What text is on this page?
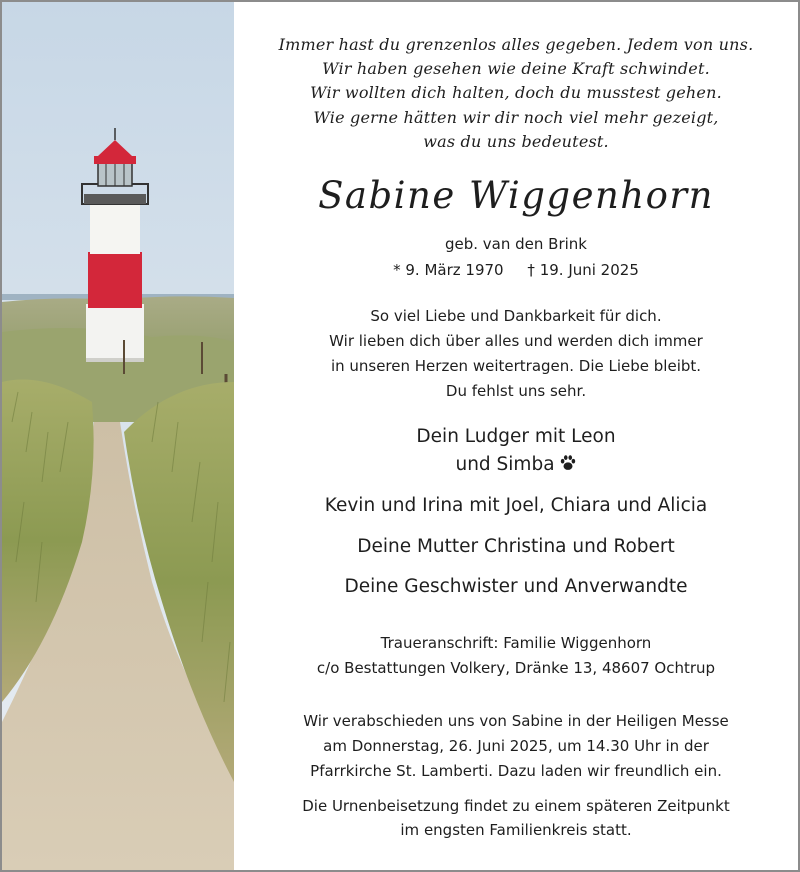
Immer hast du grenzenlos alles gegeben. Jedem von uns.
Wir haben gesehen wie deine Kraft schwindet.
Wir wollten dich halten, doch du musstest gehen.
Wie gerne hätten wir dir noch viel mehr gezeigt,
was du uns bedeutest.
Sabine Wiggenhorn
geb. van den Brink
* 9. März 1970 † 19. Juni 2025
So viel Liebe und Dankbarkeit für dich.
Wir lieben dich über alles und werden dich immer
in unseren Herzen weitertragen. Die Liebe bleibt.
Du fehlst uns sehr.
Dein Ludger mit Leon
und Simba
Kevin und Irina mit Joel, Chiara und Alicia
Deine Mutter Christina und Robert
Deine Geschwister und Anverwandte
Traueranschrift: Familie Wiggenhorn
c/o Bestattungen Volkery, Dränke 13, 48607 Ochtrup
Wir verabschieden uns von Sabine in der Heiligen Messe
am Donnerstag, 26. Juni 2025, um 14.30 Uhr in der
Pfarrkirche St. Lamberti. Dazu laden wir freundlich ein.
Die Urnenbeisetzung findet zu einem späteren Zeitpunkt
im engsten Familienkreis statt.
